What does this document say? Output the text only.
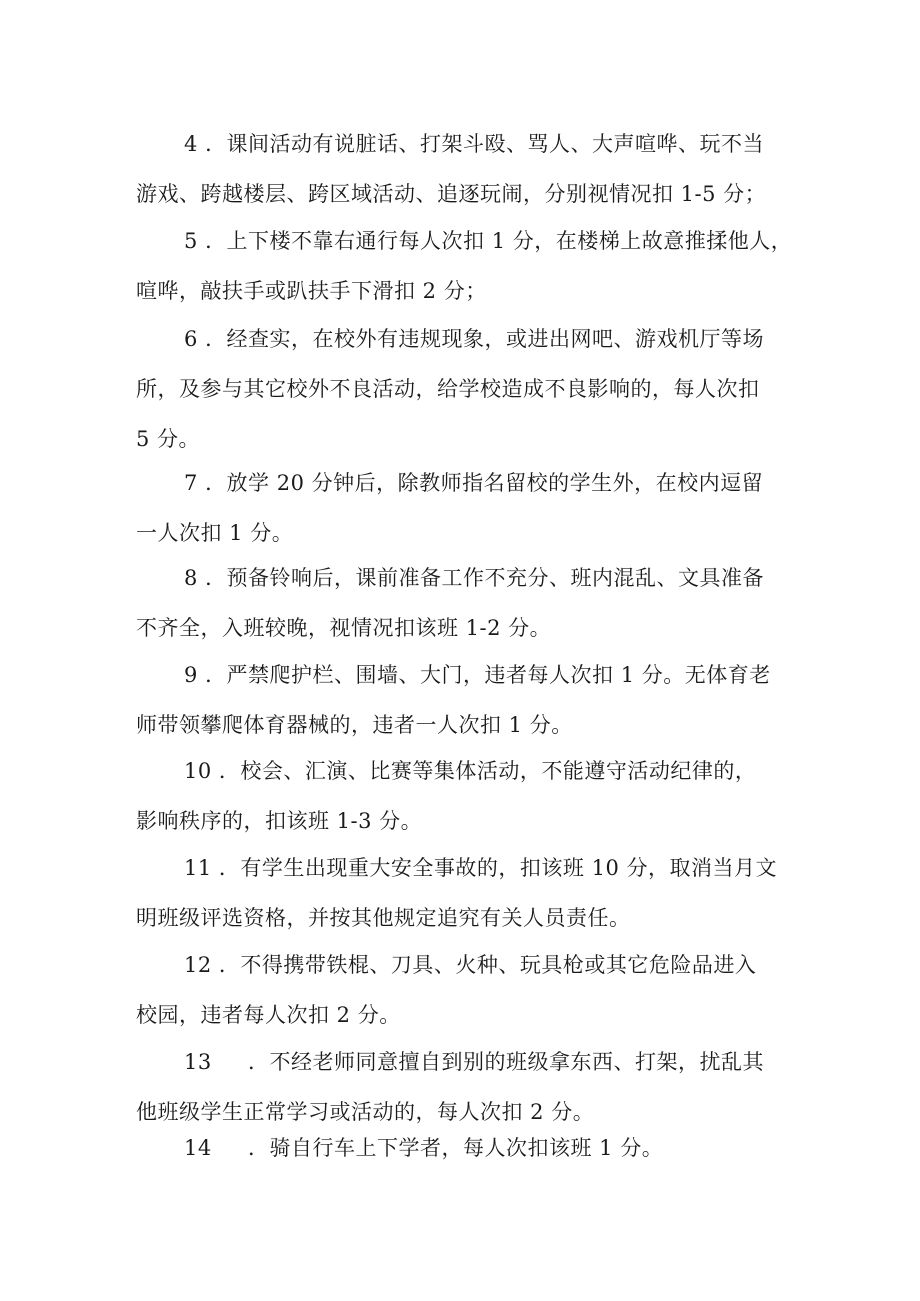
4 ．课间活动有说脏话、打架斗殴、骂人、大声喧哗、玩不当
游戏、跨越楼层、跨区域活动、追逐玩闹，分别视情况扣 1-5 分；
5 ．上下楼不靠右通行每人次扣 1 分，在楼梯上故意推揉他人，
喧哗，敲扶手或趴扶手下滑扣 2 分；
6 ．经查实，在校外有违规现象，或进出网吧、游戏机厅等场
所，及参与其它校外不良活动，给学校造成不良影响的，每人次扣
5 分。
7 ．放学 20 分钟后，除教师指名留校的学生外，在校内逗留
一人次扣 1 分。
8 ．预备铃响后，课前准备工作不充分、班内混乱、文具准备
不齐全，入班较晚，视情况扣该班 1-2 分。
9 ．严禁爬护栏、围墙、大门，违者每人次扣 1 分。无体育老
师带领攀爬体育器械的，违者一人次扣 1 分。
10 ．校会、汇演、比赛等集体活动，不能遵守活动纪律的，
影响秩序的，扣该班 1-3 分。
11 ．有学生出现重大安全事故的，扣该班 10 分，取消当月文
明班级评选资格，并按其他规定追究有关人员责任。
12 ．不得携带铁棍、刀具、火种、玩具枪或其它危险品进入
校园，违者每人次扣 2 分。
13 ．不经老师同意擅自到别的班级拿东西、打架，扰乱其
他班级学生正常学习或活动的，每人次扣 2 分。
14 ．骑自行车上下学者，每人次扣该班 1 分。
